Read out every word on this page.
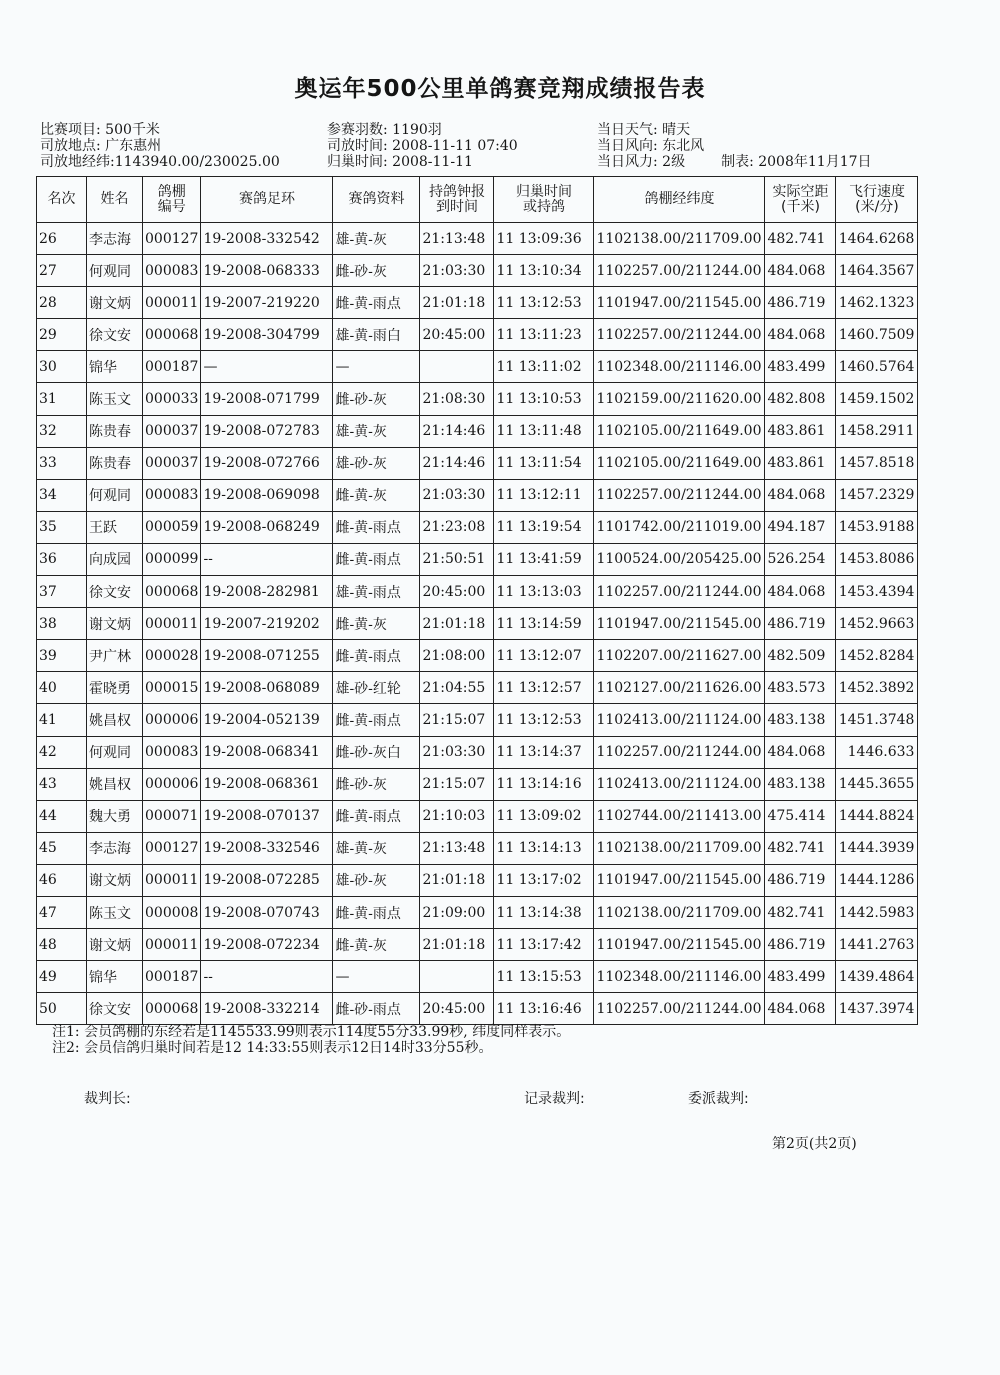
奥运年500公里单鸽赛竞翔成绩报告表
比赛项目: 500千米
司放地点: 广东惠州
司放地经纬:1143940.00/230025.00
参赛羽数: 1190羽
司放时间: 2008-11-11 07:40
归巢时间: 2008-11-11
当日天气: 晴天
当日风向: 东北风
当日风力: 2级	制表: 2008年11月17日
名次	姓名	鸽棚编号	赛鸽足环	赛鸽资料	持鸽钟报到时间	归巢时间或持鸽	鸽棚经纬度	实际空距(千米)	飞行速度(米/分)
26	李志海	000127	19-2008-332542	雄-黄-灰	21:13:48	11 13:09:36	1102138.00/211709.00	482.741	1464.6268
27	何观同	000083	19-2008-068333	雌-砂-灰	21:03:30	11 13:10:34	1102257.00/211244.00	484.068	1464.3567
28	谢文炳	000011	19-2007-219220	雌-黄-雨点	21:01:18	11 13:12:53	1101947.00/211545.00	486.719	1462.1323
29	徐文安	000068	19-2008-304799	雄-黄-雨白	20:45:00	11 13:11:23	1102257.00/211244.00	484.068	1460.7509
30	锦华	000187	—	—		11 13:11:02	1102348.00/211146.00	483.499	1460.5764
31	陈玉文	000033	19-2008-071799	雌-砂-灰	21:08:30	11 13:10:53	1102159.00/211620.00	482.808	1459.1502
32	陈贵春	000037	19-2008-072783	雄-黄-灰	21:14:46	11 13:11:48	1102105.00/211649.00	483.861	1458.2911
33	陈贵春	000037	19-2008-072766	雄-砂-灰	21:14:46	11 13:11:54	1102105.00/211649.00	483.861	1457.8518
34	何观同	000083	19-2008-069098	雌-黄-灰	21:03:30	11 13:12:11	1102257.00/211244.00	484.068	1457.2329
35	王跃	000059	19-2008-068249	雌-黄-雨点	21:23:08	11 13:19:54	1101742.00/211019.00	494.187	1453.9188
36	向成园	000099	--	雌-黄-雨点	21:50:51	11 13:41:59	1100524.00/205425.00	526.254	1453.8086
37	徐文安	000068	19-2008-282981	雄-黄-雨点	20:45:00	11 13:13:03	1102257.00/211244.00	484.068	1453.4394
38	谢文炳	000011	19-2007-219202	雌-黄-灰	21:01:18	11 13:14:59	1101947.00/211545.00	486.719	1452.9663
39	尹广林	000028	19-2008-071255	雌-黄-雨点	21:08:00	11 13:12:07	1102207.00/211627.00	482.509	1452.8284
40	霍晓勇	000015	19-2008-068089	雄-砂-红轮	21:04:55	11 13:12:57	1102127.00/211626.00	483.573	1452.3892
41	姚昌权	000006	19-2004-052139	雌-黄-雨点	21:15:07	11 13:12:53	1102413.00/211124.00	483.138	1451.3748
42	何观同	000083	19-2008-068341	雌-砂-灰白	21:03:30	11 13:14:37	1102257.00/211244.00	484.068	1446.633
43	姚昌权	000006	19-2008-068361	雌-砂-灰	21:15:07	11 13:14:16	1102413.00/211124.00	483.138	1445.3655
44	魏大勇	000071	19-2008-070137	雌-黄-雨点	21:10:03	11 13:09:02	1102744.00/211413.00	475.414	1444.8824
45	李志海	000127	19-2008-332546	雄-黄-灰	21:13:48	11 13:14:13	1102138.00/211709.00	482.741	1444.3939
46	谢文炳	000011	19-2008-072285	雄-砂-灰	21:01:18	11 13:17:02	1101947.00/211545.00	486.719	1444.1286
47	陈玉文	000008	19-2008-070743	雌-黄-雨点	21:09:00	11 13:14:38	1102138.00/211709.00	482.741	1442.5983
48	谢文炳	000011	19-2008-072234	雌-黄-灰	21:01:18	11 13:17:42	1101947.00/211545.00	486.719	1441.2763
49	锦华	000187	--	—		11 13:15:53	1102348.00/211146.00	483.499	1439.4864
50	徐文安	000068	19-2008-332214	雌-砂-雨点	20:45:00	11 13:16:46	1102257.00/211244.00	484.068	1437.3974
注1: 会员鸽棚的东经若是1145533.99则表示114度55分33.99秒, 纬度同样表示。
注2: 会员信鸽归巢时间若是12 14:33:55则表示12日14时33分55秒。
裁判长:	记录裁判:	委派裁判:
第2页(共2页)
